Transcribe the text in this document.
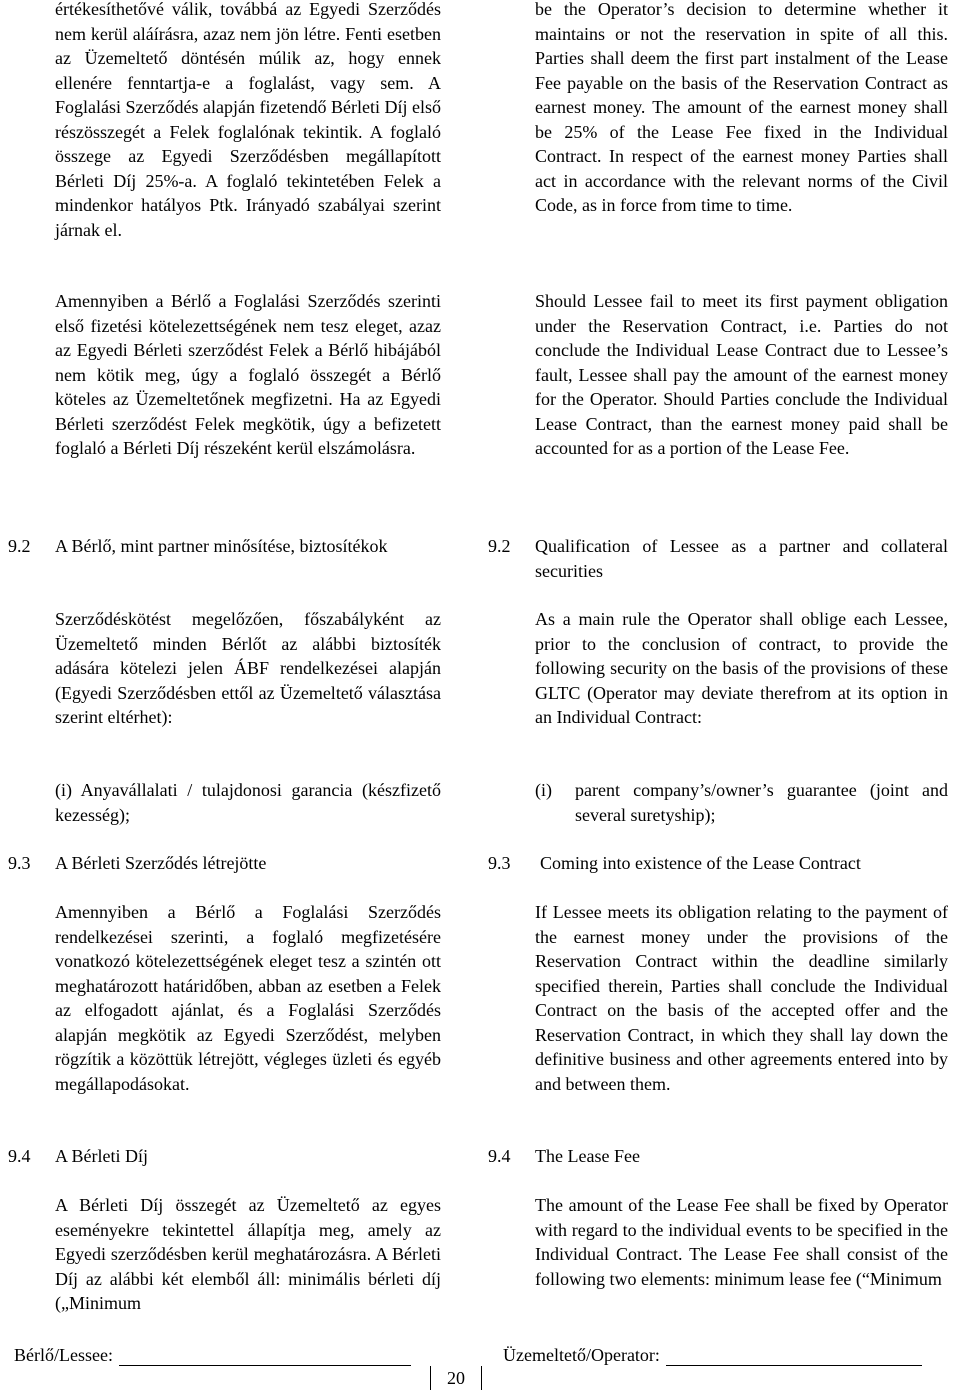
értékesíthetővé válik, továbbá az Egyedi Szerződés nem kerül aláírásra, azaz nem jön létre. Fenti esetben az Üzemeltető döntésén múlik az, hogy ennek ellenére fenntartja-e a foglalást, vagy sem. A Foglalási Szerződés alapján fizetendő Bérleti Díj első részösszegét a Felek foglalónak tekintik. A foglaló összege az Egyedi Szerződésben megállapított Bérleti Díj 25%-a. A foglaló tekintetében Felek a mindenkor hatályos Ptk. Irányadó szabályai szerint járnak el.

Amennyiben a Bérlő a Foglalási Szerződés szerinti első fizetési kötelezettségének nem tesz eleget, azaz az Egyedi Bérleti szerződést Felek a Bérlő hibájából nem kötik meg, úgy a foglaló összegét a Bérlő köteles az Üzemeltetőnek megfizetni. Ha az Egyedi Bérleti szerződést Felek megkötik, úgy a befizetett foglaló a Bérleti Díj részeként kerül elszámolásra.

9.2 A Bérlő, mint partner minősítése, biztosítékok

Szerződéskötést megelőzően, főszabályként az Üzemeltető minden Bérlőt az alábbi biztosíték adására kötelezi jelen ÁBF rendelkezései alapján (Egyedi Szerződésben ettől az Üzemeltető választása szerint eltérhet):

(i) Anyavállalati / tulajdonosi garancia (készfizető kezesség);

9.3 A Bérleti Szerződés létrejötte

Amennyiben a Bérlő a Foglalási Szerződés rendelkezései szerinti, a foglaló megfizetésére vonatkozó kötelezettségének eleget tesz a szintén ott meghatározott határidőben, abban az esetben a Felek az elfogadott ajánlat, és a Foglalási Szerződés alapján megkötik az Egyedi Szerződést, melyben rögzítik a közöttük létrejött, végleges üzleti és egyéb megállapodásokat.

9.4 A Bérleti Díj

A Bérleti Díj összegét az Üzemeltető az egyes eseményekre tekintettel állapítja meg, amely az Egyedi szerződésben kerül meghatározásra. A Bérleti Díj az alábbi két elemből áll: minimális bérleti díj („Minimum

be the Operator’s decision to determine whether it maintains or not the reservation in spite of all this. Parties shall deem the first part instalment of the Lease Fee payable on the basis of the Reservation Contract as earnest money. The amount of the earnest money shall be 25% of the Lease Fee fixed in the Individual Contract. In respect of the earnest money Parties shall act in accordance with the relevant norms of the Civil Code, as in force from time to time.

Should Lessee fail to meet its first payment obligation under the Reservation Contract, i.e. Parties do not conclude the Individual Lease Contract due to Lessee’s fault, Lessee shall pay the amount of the earnest money for the Operator. Should Parties conclude the Individual Lease Contract, than the earnest money paid shall be accounted for as a portion of the Lease Fee.

9.2 Qualification of Lessee as a partner and collateral securities

As a main rule the Operator shall oblige each Lessee, prior to the conclusion of contract, to provide the following security on the basis of the provisions of these GLTC (Operator may deviate therefrom at its option in an Individual Contract:

(i) parent company’s/owner’s guarantee (joint and several suretyship);

9.3 Coming into existence of the Lease Contract

If Lessee meets its obligation relating to the payment of the earnest money under the provisions of the Reservation Contract within the deadline similarly specified therein, Parties shall conclude the Individual Contract on the basis of the accepted offer and the Reservation Contract, in which they shall lay down the definitive business and other agreements entered into by and between them.

9.4 The Lease Fee

The amount of the Lease Fee shall be fixed by Operator with regard to the individual events to be specified in the Individual Contract. The Lease Fee shall consist of the following two elements: minimum lease fee (“Minimum

Bérlő/Lessee:	Üzemeltető/Operator:
20
